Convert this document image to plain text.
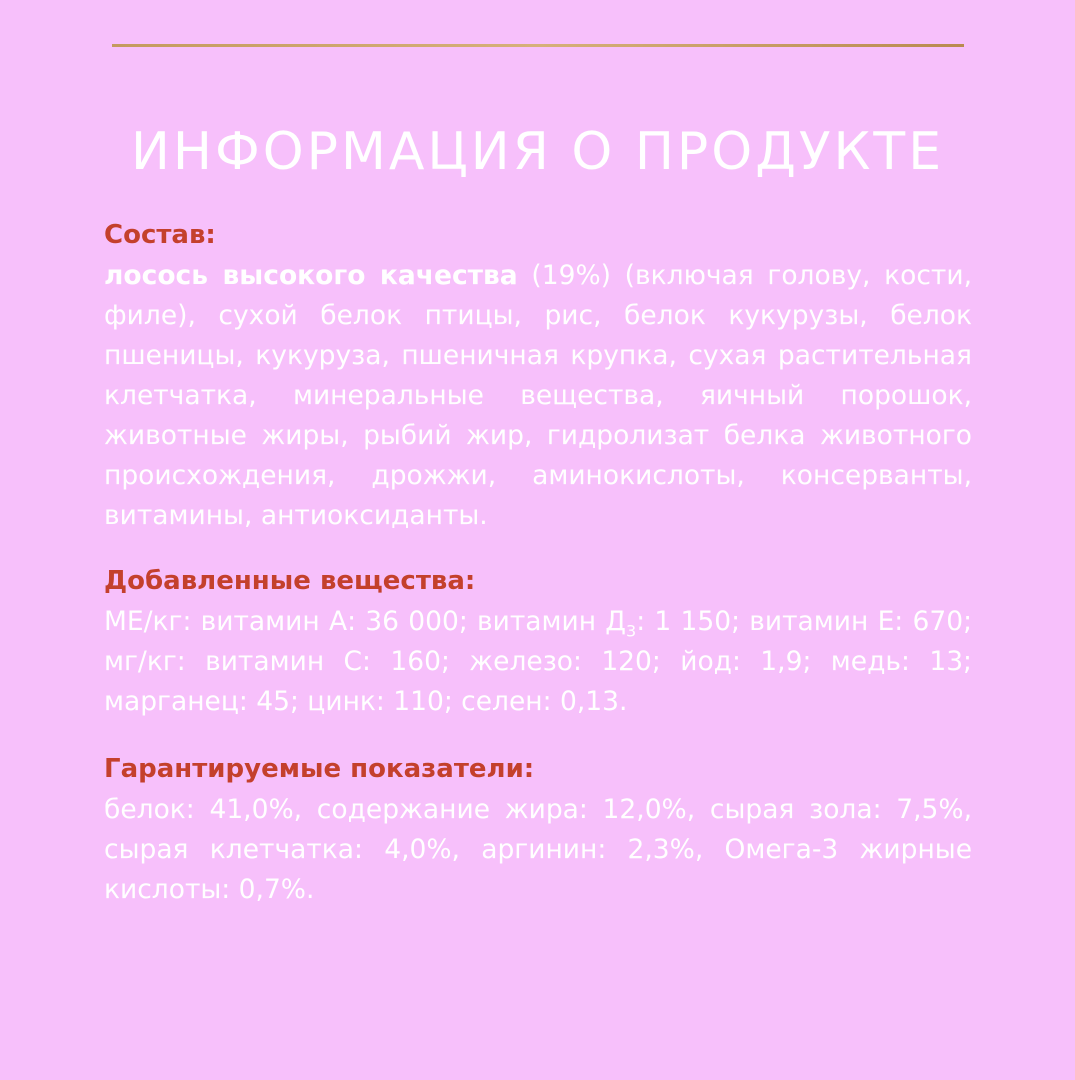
ИНФОРМАЦИЯ О ПРОДУКТЕ

Состав:

лосось высокого качества (19%) (включая голову, кости, филе), сухой белок птицы, рис, белок кукурузы, белок пшеницы, кукуруза, пшеничная крупка, сухая растительная клетчатка, минеральные вещества, яичный порошок, животные жиры, рыбий жир, гидролизат белка животного происхождения, дрожжи, аминокислоты, консерванты, витамины, антиоксиданты.

Добавленные вещества:

МЕ/кг: витамин А: 36 000; витамин $Д_3$: 1 150; витамин Е: 670; мг/кг: витамин С: 160; железо: 120; йод: 1,9; медь: 13; марганец: 45; цинк: 110; селен: 0,13.

Гарантируемые показатели:

белок: 41,0%, содержание жира: 12,0%, сырая зола: 7,5%, сырая клетчатка: 4,0%, аргинин: 2,3%, Омега-3 жирные кислоты: 0,7%.
